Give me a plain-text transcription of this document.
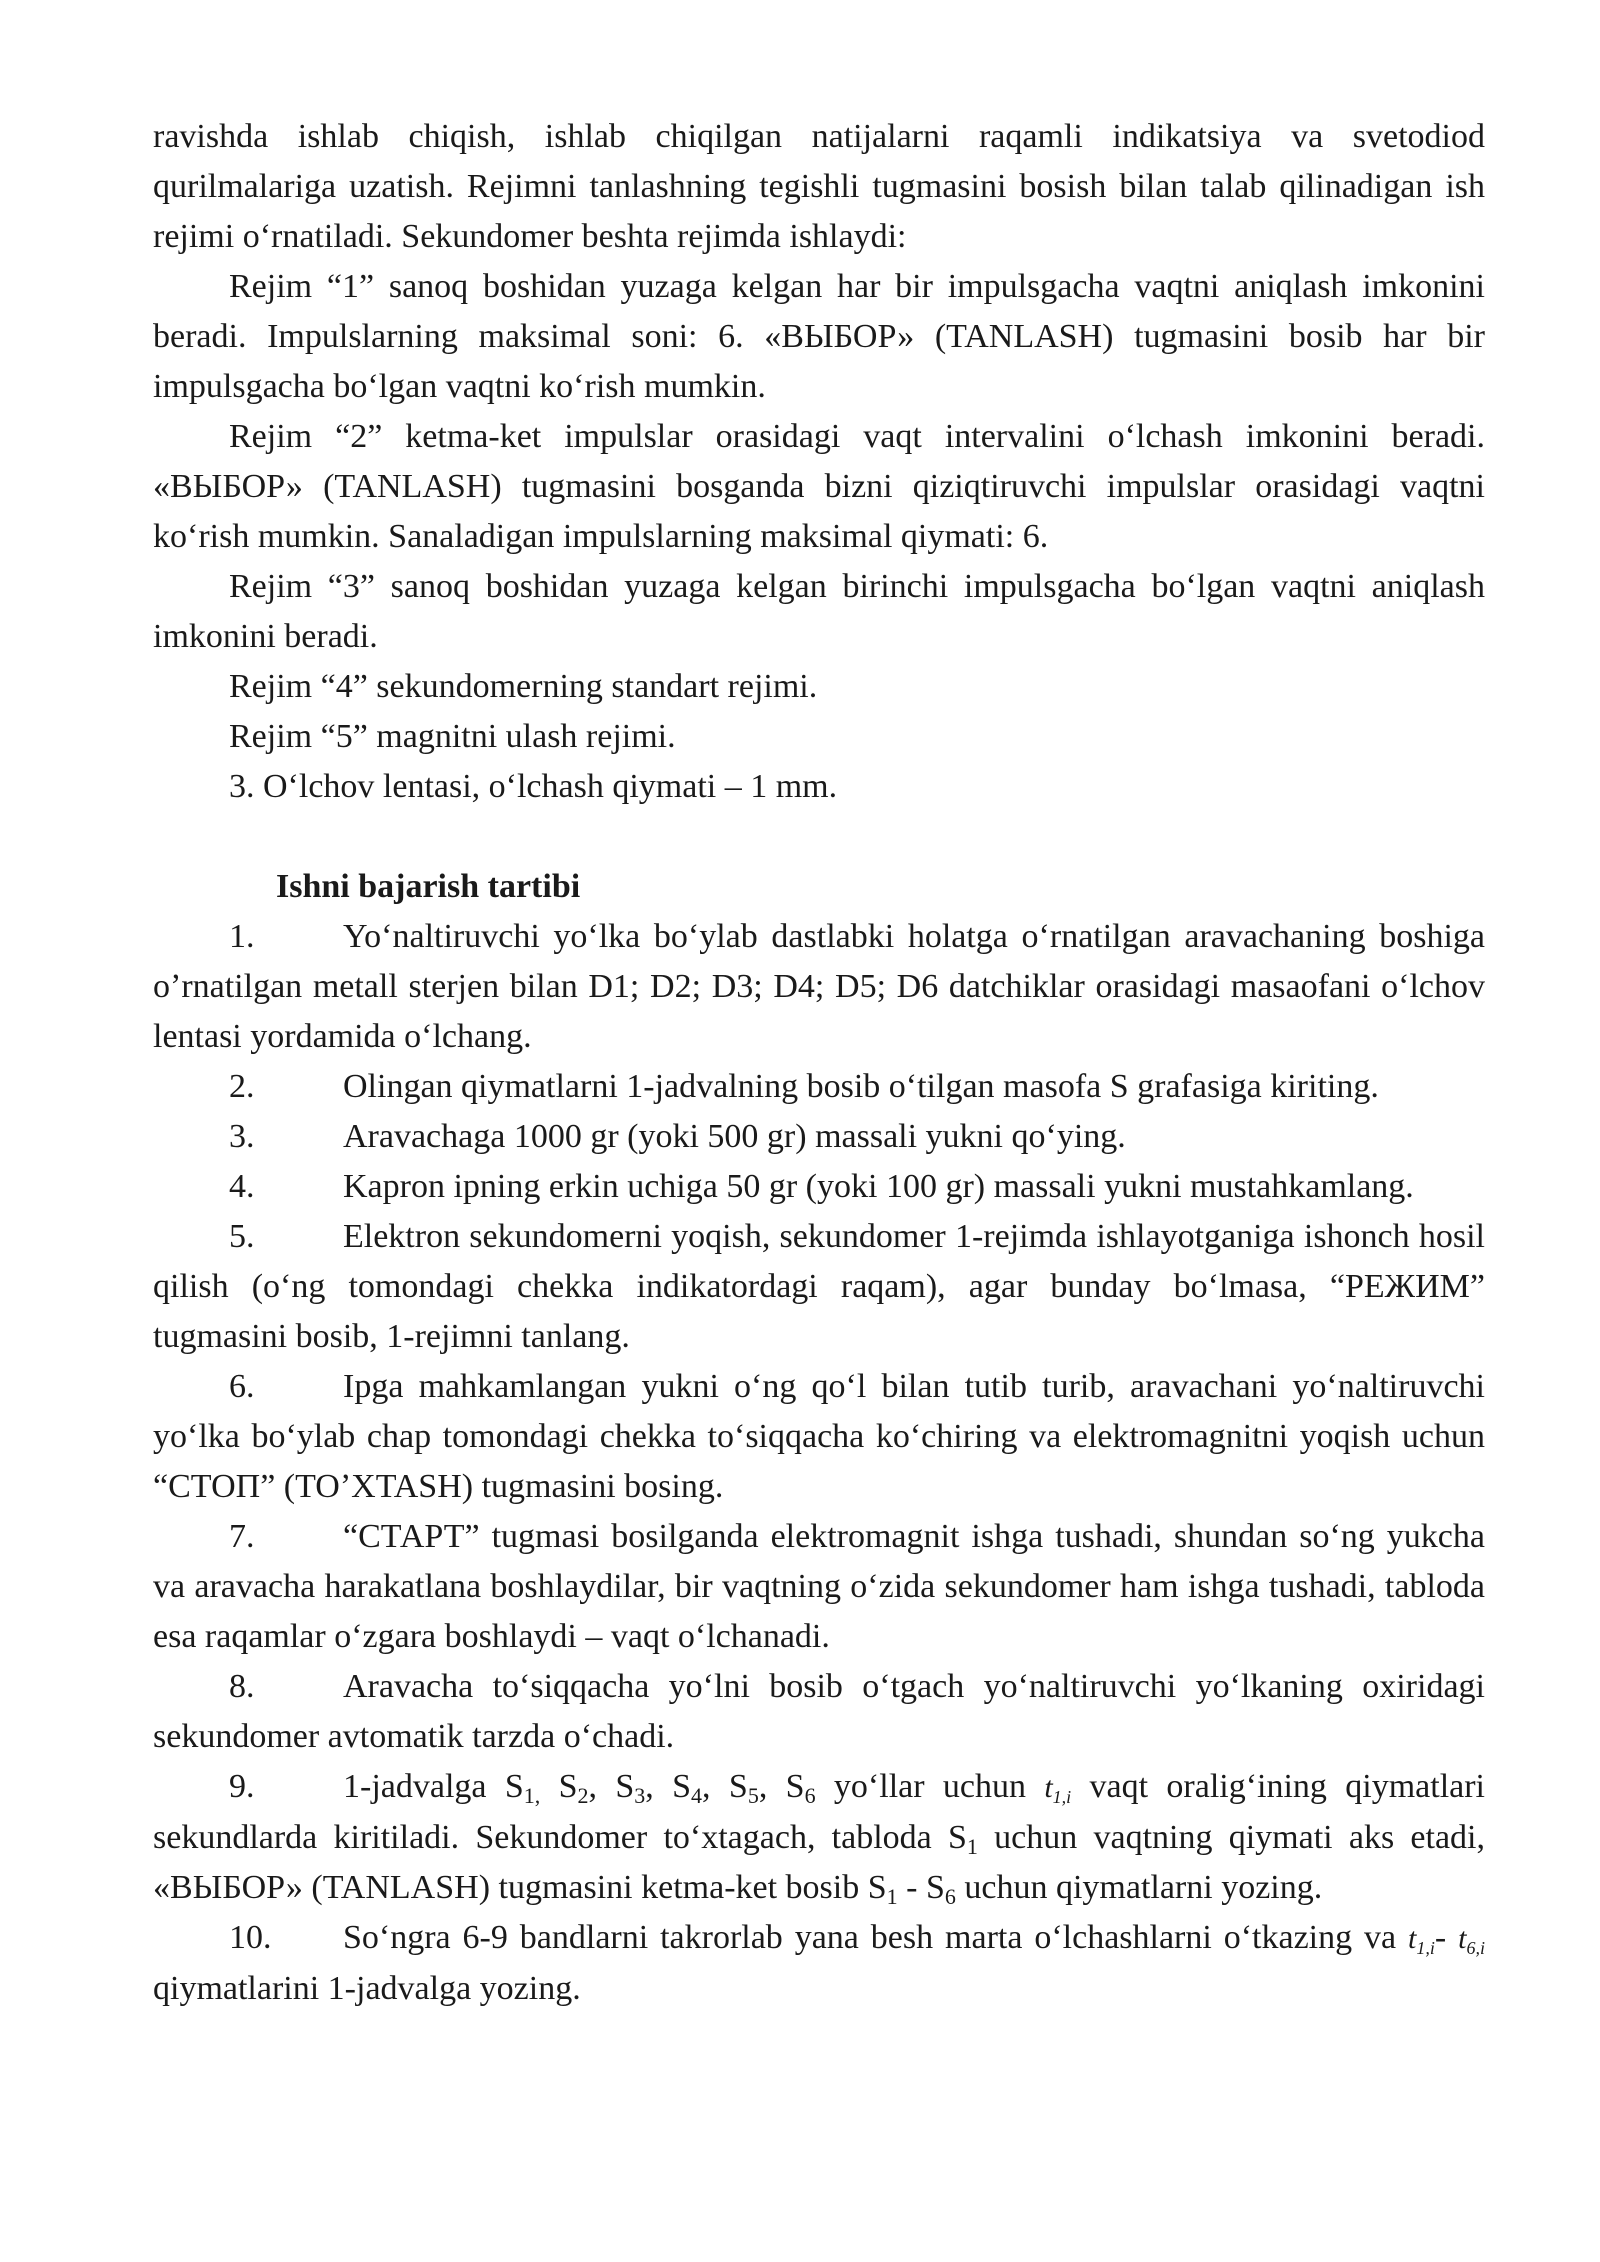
ravishda ishlab chiqish, ishlab chiqilgan natijalarni raqamli indikatsiya va svetodiod qurilmalariga uzatish. Rejimni tanlashning tegishli tugmasini bosish bilan talab qilinadigan ish rejimi oʻrnatiladi. Sekundomer beshta rejimda ishlaydi:

Rejim “1” sanoq boshidan yuzaga kelgan har bir impulsgacha vaqtni aniqlash imkonini beradi. Impulslarning maksimal soni: 6. «ВЫБОР» (TANLASH) tugmasini bosib har bir impulsgacha boʻlgan vaqtni koʻrish mumkin.

Rejim “2” ketma-ket impulslar orasidagi vaqt intervalini oʻlchash imkonini beradi. «ВЫБОР» (TANLASH) tugmasini bosganda bizni qiziqtiruvchi impulslar orasidagi vaqtni koʻrish mumkin. Sanaladigan impulslarning maksimal qiymati: 6.

Rejim “3” sanoq boshidan yuzaga kelgan birinchi impulsgacha boʻlgan vaqtni aniqlash imkonini beradi.

Rejim “4” sekundomerning standart rejimi.

Rejim “5” magnitni ulash rejimi.

3. Oʻlchov lentasi, oʻlchash qiymati – 1 mm.

Ishni bajarish tartibi

1.	Yoʻnaltiruvchi yoʻlka boʻylab dastlabki holatga oʻrnatilgan aravachaning boshiga oʼrnatilgan metall sterjen bilan D1; D2; D3; D4; D5; D6 datchiklar orasidagi masaofani oʻlchov lentasi yordamida oʻlchang.

2.	Olingan qiymatlarni 1-jadvalning bosib oʻtilgan masofa S grafasiga kiriting.

3.	Aravachaga 1000 gr (yoki 500 gr) massali yukni qoʻying.

4.	Kapron ipning erkin uchiga 50 gr (yoki 100 gr) massali yukni mustahkamlang.

5.	Elektron sekundomerni yoqish, sekundomer 1-rejimda ishlayotganiga ishonch hosil qilish (oʻng tomondagi chekka indikatordagi raqam), agar bunday boʻlmasa, “РЕЖИМ” tugmasini bosib, 1-rejimni tanlang.

6.	Ipga mahkamlangan yukni oʻng qoʻl bilan tutib turib, aravachani yoʻnaltiruvchi yoʻlka boʻylab chap tomondagi chekka toʻsiqqacha koʻchiring va elektromagnitni yoqish uchun “СТОП” (TOʼXTASH) tugmasini bosing.

7.	“СТАРТ” tugmasi bosilganda elektromagnit ishga tushadi, shundan soʻng yukcha va aravacha harakatlana boshlaydilar, bir vaqtning oʻzida sekundomer ham ishga tushadi, tabloda esa raqamlar oʻzgara boshlaydi – vaqt oʻlchanadi.

8.	Aravacha toʻsiqqacha yoʻlni bosib oʻtgach yoʻnaltiruvchi yoʻlkaning oxiridagi sekundomer avtomatik tarzda oʻchadi.

9.	1-jadvalga $S_{1,}$ $S_2$, $S_3$, $S_4$, $S_5$, $S_6$ yoʻllar uchun $t_{1,i}$ vaqt oraligʻining qiymatlari sekundlarda kiritiladi. Sekundomer toʻxtagach, tabloda $S_1$ uchun vaqtning qiymati aks etadi, «ВЫБОР» (TANLASH) tugmasini ketma-ket bosib $S_1 - S_6$ uchun qiymatlarni yozing.

10. Soʻngra 6-9 bandlarni takrorlab yana besh marta oʻlchashlarni oʻtkazing va $t_{1,i}-$ $t_{6,i}$ qiymatlarini 1-jadvalga yozing.
